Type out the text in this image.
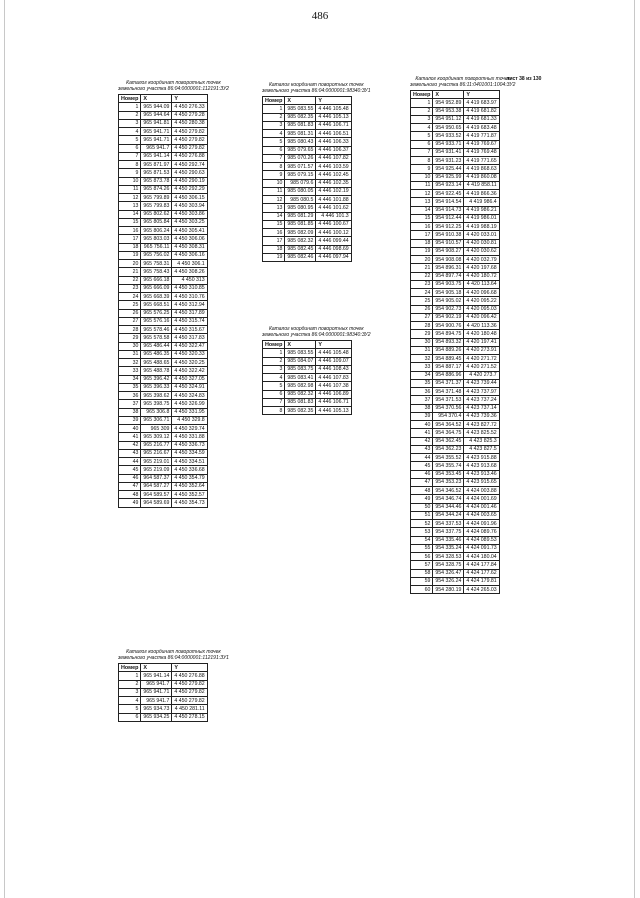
486
Каталог координат поворотных точек
земельного участка 86:04:0000001:112191:ЗУ2
Номер	X	Y
1	965 944.09	4 450 276.33
2	965 944.64	4 450 279.28
3	965 941.81	4 450 280.38
4	965 941.71	4 450 279.82
5	965 941.71	4 450 279.82
6	965 941.7	4 450 279.82
7	965 941.14	4 450 276.88
8	965 871.97	4 450 292.74
9	965 871.53	4 450 290.63
10	965 873.78	4 450 290.19
11	965 874.26	4 450 292.29
12	965 799.89	4 450 306.15
13	965 799.83	4 450 303.94
14	965 802.62	4 450 303.86
15	965 805.84	4 450 303.25
16	965 806.24	4 450 305.41
17	965 803.03	4 450 306.06
18	965 756.11	4 450 308.31
19	965 756.02	4 450 306.16
20	965 758.31	4 450 306.1
21	965 758.43	4 450 308.26
22	965 666.18	4 450 313
23	965 666.09	4 450 310.85
24	965 668.39	4 450 310.76
25	965 668.51	4 450 312.94
26	965 576.25	4 450 317.89
27	965 576.16	4 450 315.74
28	965 578.46	4 450 315.67
29	965 578.58	4 450 317.83
30	965 486.44	4 450 322.47
31	965 486.35	4 450 320.33
32	965 488.65	4 450 320.25
33	965 488.78	4 450 322.42
34	965 396.42	4 450 327.05
35	965 396.33	4 450 324.91
36	965 398.62	4 450 324.83
37	965 398.75	4 450 326.99
38	965 306.8	4 450 331.95
39	965 306.71	4 450 329.8
40	965 309	4 450 329.74
41	965 309.12	4 450 331.88
42	965 216.77	4 450 336.73
43	965 216.67	4 450 334.59
44	965 219.01	4 450 334.51
45	965 219.09	4 450 336.68
46	964 587.37	4 450 354.79
47	964 587.27	4 450 352.64
48	964 589.57	4 450 352.57
49	964 589.69	4 450 354.73
Каталог координат поворотных точек
земельного участка 86:04:0000001:112191:ЗУ1
Номер	X	Y
1	965 941.14	4 450 276.88
2	965 941.7	4 450 279.82
3	965 941.71	4 450 279.82
4	965 941.7	4 450 279.82
5	965 934.73	4 450 281.11
6	965 934.25	4 450 278.15
Каталог координат поворотных точек
земельного участка 86:04:0000001:98340:ЗУ1
Номер	X	Y
1	985 083.55	4 446 105.48
2	985 082.35	4 446 105.13
3	985 081.83	4 446 106.71
4	985 081.31	4 446 106.51
5	985 080.43	4 446 106.33
6	985 079.65	4 446 106.37
7	985 070.26	4 446 107.82
8	985 071.57	4 446 103.59
9	985 079.15	4 446 102.45
10	985 079.6	4 446 102.35
11	985 080.05	4 446 102.19
12	985 080.5	4 446 101.88
13	985 080.95	4 446 101.62
14	985 081.29	4 446 101.3
15	985 081.85	4 446 100.67
16	985 082.09	4 446 100.12
17	985 082.32	4 446 099.44
18	985 082.45	4 446 098.69
19	985 082.46	4 446 097.94
Каталог координат поворотных точек
земельного участка 86:04:0000001:98340:ЗУ2
Номер	X	Y
1	985 083.55	4 446 105.48
2	985 084.07	4 446 109.07
3	985 083.75	4 446 108.43
4	985 083.41	4 446 107.83
5	985 082.98	4 446 107.38
6	985 082.32	4 446 106.89
7	985 081.83	4 446 106.71
8	985 082.35	4 446 105.13
Каталог координат поворотных точек
земельного участка 86:11:0401001:1004:ЗУ2
лист 38 из 130
Номер	X	Y
1	954 952.89	4 419 683.97
2	954 953.38	4 419 681.82
3	954 951.12	4 419 681.33
4	954 950.65	4 419 683.48
5	954 933.52	4 419 771.87
6	954 933.71	4 419 769.67
7	954 931.41	4 419 769.48
8	954 931.23	4 419 771.65
9	954 925.44	4 419 868.63
10	954 925.99	4 419 860.08
11	954 923.14	4 419 858.11
12	954 922.45	4 419 866.36
13	954 914.54	4 419 986.4
14	954 914.73	4 419 986.21
15	954 912.44	4 419 986.01
16	954 912.25	4 419 988.19
17	954 910.38	4 420 033.01
18	954 910.57	4 420 030.81
19	954 908.27	4 420 030.62
20	954 908.08	4 420 032.79
21	954 896.31	4 420 197.68
22	954 897.74	4 420 180.72
23	954 903.75	4 420 113.64
24	954 905.18	4 420 096.68
25	954 905.02	4 420 095.22
26	954 902.73	4 420 095.03
27	954 902.19	4 420 096.42
28	954 900.76	4 420 113.36
29	954 894.75	4 420 180.48
30	954 893.32	4 420 197.41
31	954 889.26	4 420 273.91
32	954 889.45	4 420 271.72
33	954 887.17	4 420 271.52
34	954 886.96	4 420 273.7
35	954 371.37	4 423 739.44
36	954 371.48	4 423 737.97
37	954 371.53	4 423 737.24
38	954 370.56	4 423 737.14
39	954 370.4	4 423 739.36
40	954 364.52	4 423 827.72
41	954 364.75	4 423 825.52
42	954 362.45	4 423 825.3
43	954 362.23	4 423 827.5
44	954 355.52	4 423 915.88
45	954 355.74	4 423 913.68
46	954 353.45	4 423 913.46
47	954 353.23	4 423 915.65
48	954 346.52	4 424 003.88
49	954 346.74	4 424 001.69
50	954 344.46	4 424 001.46
51	954 344.24	4 424 003.65
52	954 337.53	4 424 091.96
53	954 337.75	4 424 089.76
54	954 335.46	4 424 089.53
55	954 335.24	4 424 091.73
56	954 328.53	4 424 180.04
57	954 328.75	4 424 177.84
58	954 326.47	4 424 177.62
59	954 326.24	4 424 179.81
60	954 280.19	4 424 265.03
